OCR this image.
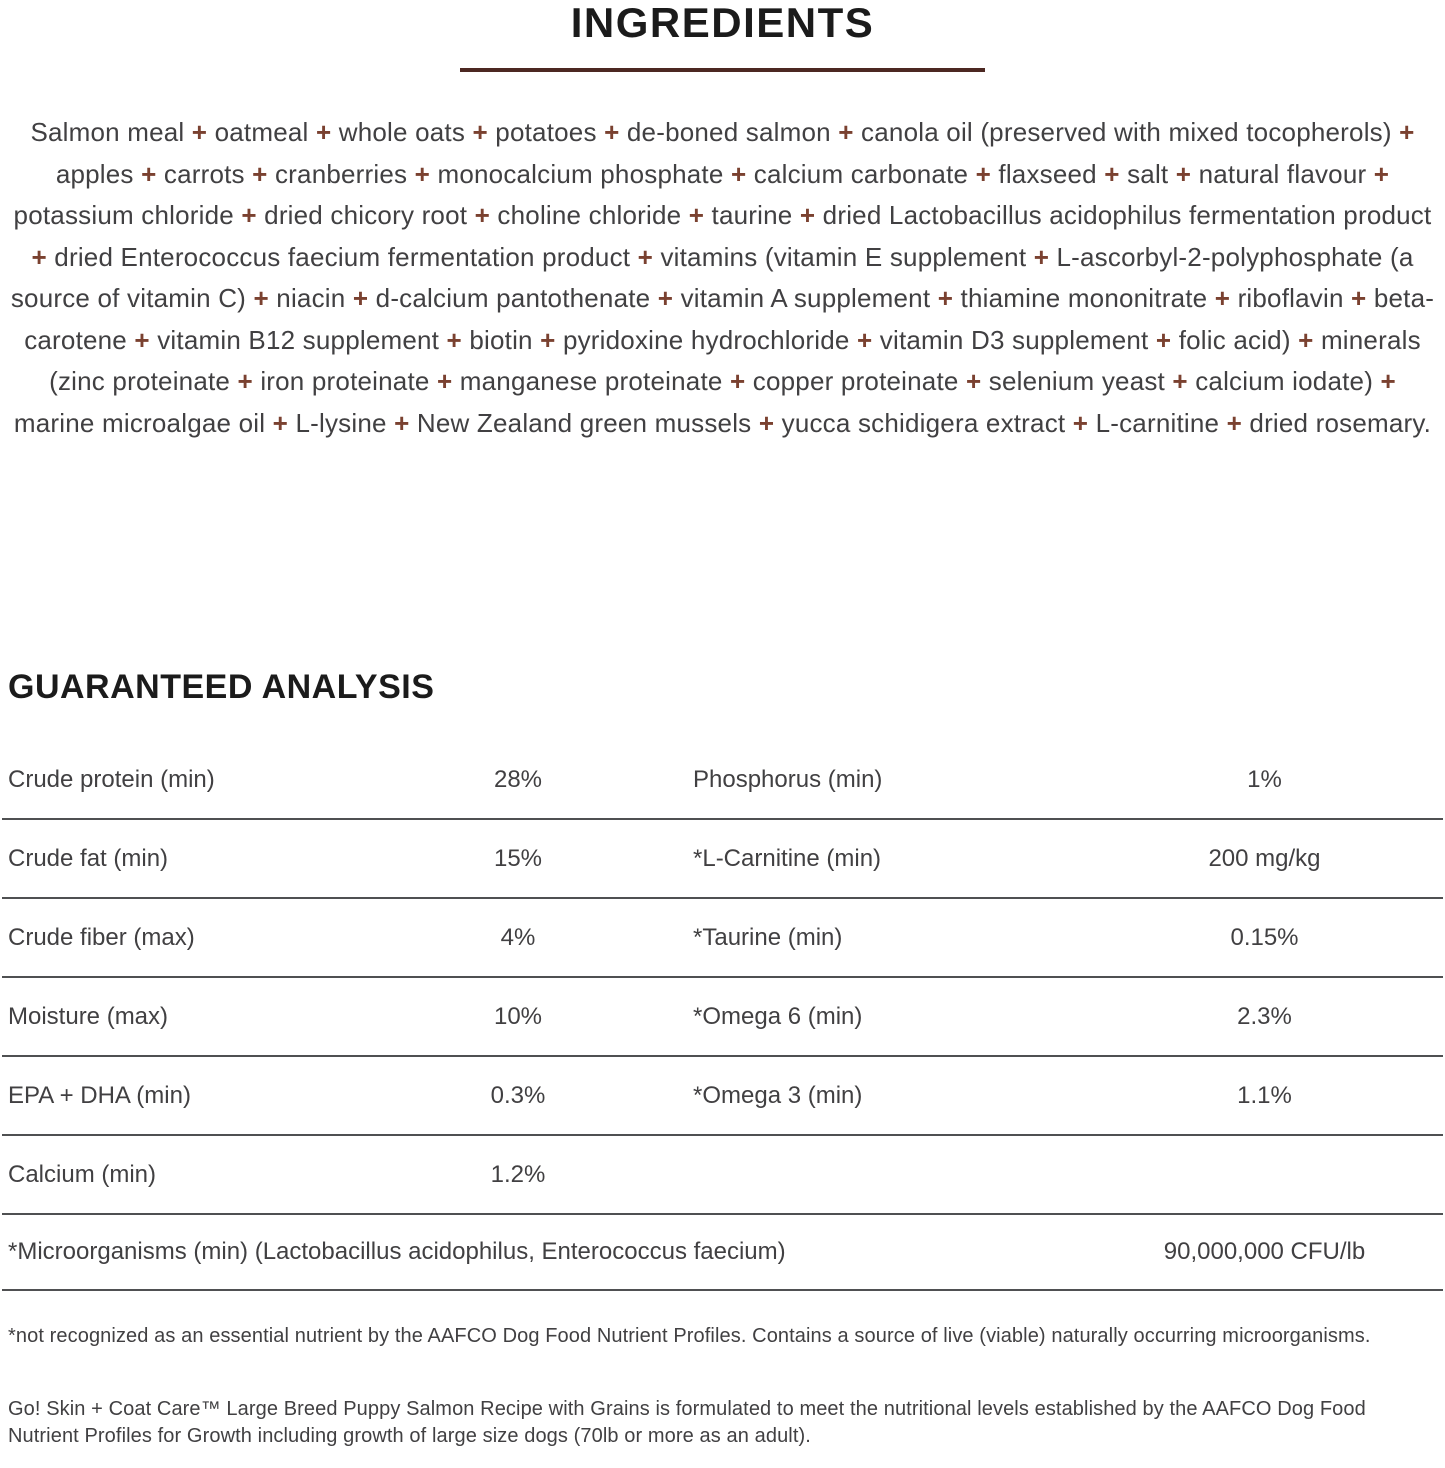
INGREDIENTS

Salmon meal + oatmeal + whole oats + potatoes + de-boned salmon + canola oil (preserved with mixed tocopherols) + apples + carrots + cranberries + monocalcium phosphate + calcium carbonate + flaxseed + salt + natural flavour + potassium chloride + dried chicory root + choline chloride + taurine + dried Lactobacillus acidophilus fermentation product + dried Enterococcus faecium fermentation product + vitamins (vitamin E supplement + L-ascorbyl-2-polyphosphate (a source of vitamin C) + niacin + d-calcium pantothenate + vitamin A supplement + thiamine mononitrate + riboflavin + beta-carotene + vitamin B12 supplement + biotin + pyridoxine hydrochloride + vitamin D3 supplement + folic acid) + minerals (zinc proteinate + iron proteinate + manganese proteinate + copper proteinate + selenium yeast + calcium iodate) + marine microalgae oil + L-lysine + New Zealand green mussels + yucca schidigera extract + L-carnitine + dried rosemary.

GUARANTEED ANALYSIS
Crude protein (min)	28%	Phosphorus (min)	1%
Crude fat (min)	15%	*L-Carnitine (min)	200 mg/kg
Crude fiber (max)	4%	*Taurine (min)	0.15%
Moisture (max)	10%	*Omega 6 (min)	2.3%
EPA + DHA (min)	0.3%	*Omega 3 (min)	1.1%
Calcium (min)	1.2%
*Microorganisms (min) (Lactobacillus acidophilus, Enterococcus faecium)	90,000,000 CFU/lb

*not recognized as an essential nutrient by the AAFCO Dog Food Nutrient Profiles. Contains a source of live (viable) naturally occurring microorganisms.

Go! Skin + Coat Care™ Large Breed Puppy Salmon Recipe with Grains is formulated to meet the nutritional levels established by the AAFCO Dog Food Nutrient Profiles for Growth including growth of large size dogs (70lb or more as an adult).
